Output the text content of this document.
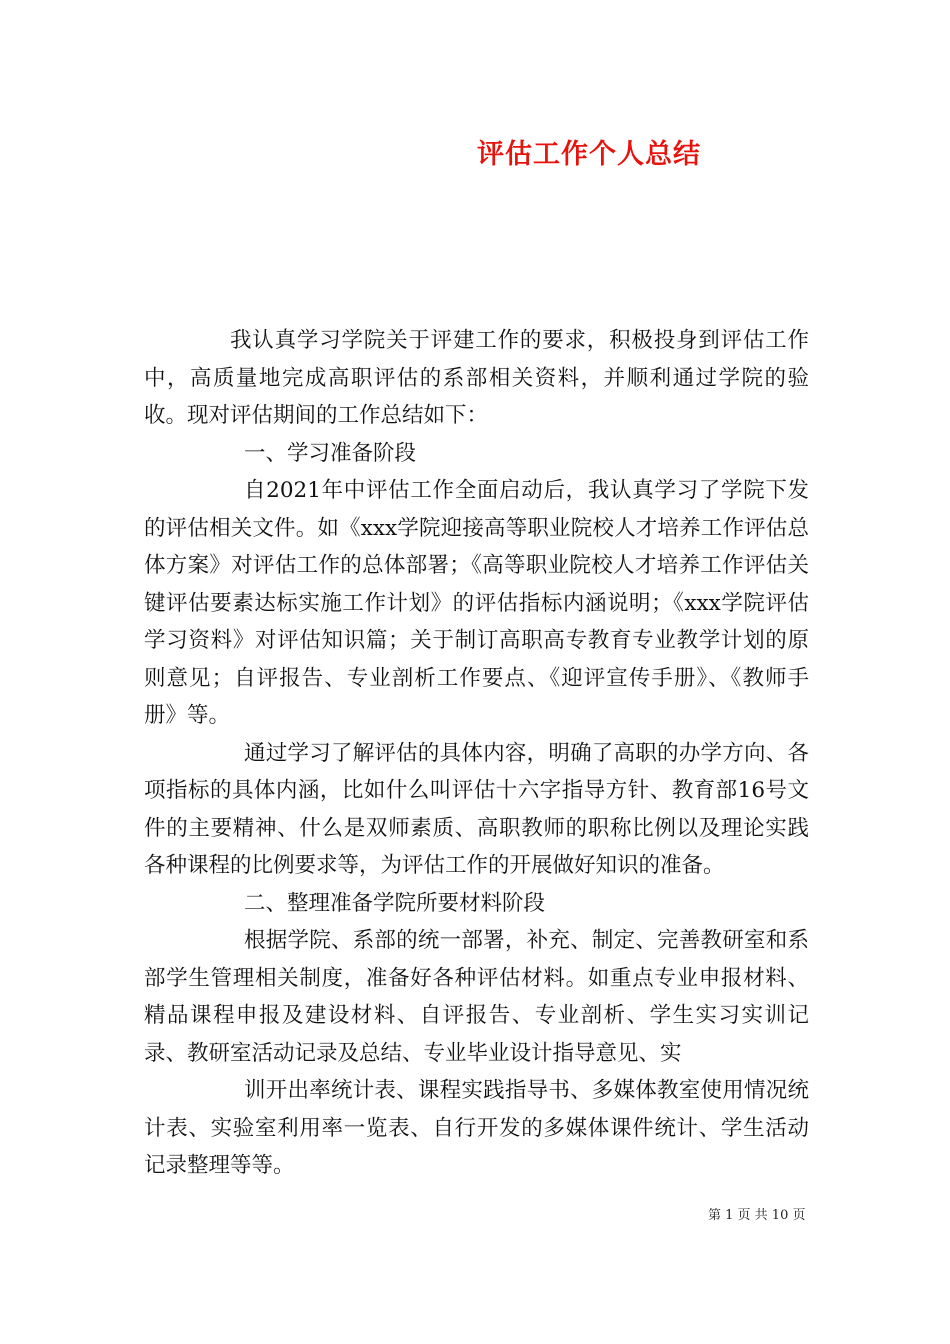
评估工作个人总结

我认真学习学院关于评建工作的要求，积极投身到评估工作中，高质量地完成高职评估的系部相关资料，并顺利通过学院的验收。现对评估期间的工作总结如下：

一、学习准备阶段

自2021年中评估工作全面启动后，我认真学习了学院下发的评估相关文件。如《xxx学院迎接高等职业院校人才培养工作评估总体方案》对评估工作的总体部署；《高等职业院校人才培养工作评估关键评估要素达标实施工作计划》的评估指标内涵说明；《xxx学院评估学习资料》对评估知识篇；关于制订高职高专教育专业教学计划的原则意见；自评报告、专业剖析工作要点、《迎评宣传手册》、《教师手册》等。

通过学习了解评估的具体内容，明确了高职的办学方向、各项指标的具体内涵，比如什么叫评估十六字指导方针、教育部16号文件的主要精神、什么是双师素质、高职教师的职称比例以及理论实践各种课程的比例要求等，为评估工作的开展做好知识的准备。

二、整理准备学院所要材料阶段

根据学院、系部的统一部署，补充、制定、完善教研室和系部学生管理相关制度，准备好各种评估材料。如重点专业申报材料、精品课程申报及建设材料、自评报告、专业剖析、学生实习实训记录、教研室活动记录及总结、专业毕业设计指导意见、实

训开出率统计表、课程实践指导书、多媒体教室使用情况统计表、实验室利用率一览表、自行开发的多媒体课件统计、学生活动记录整理等等。

第 1 页 共 10 页
